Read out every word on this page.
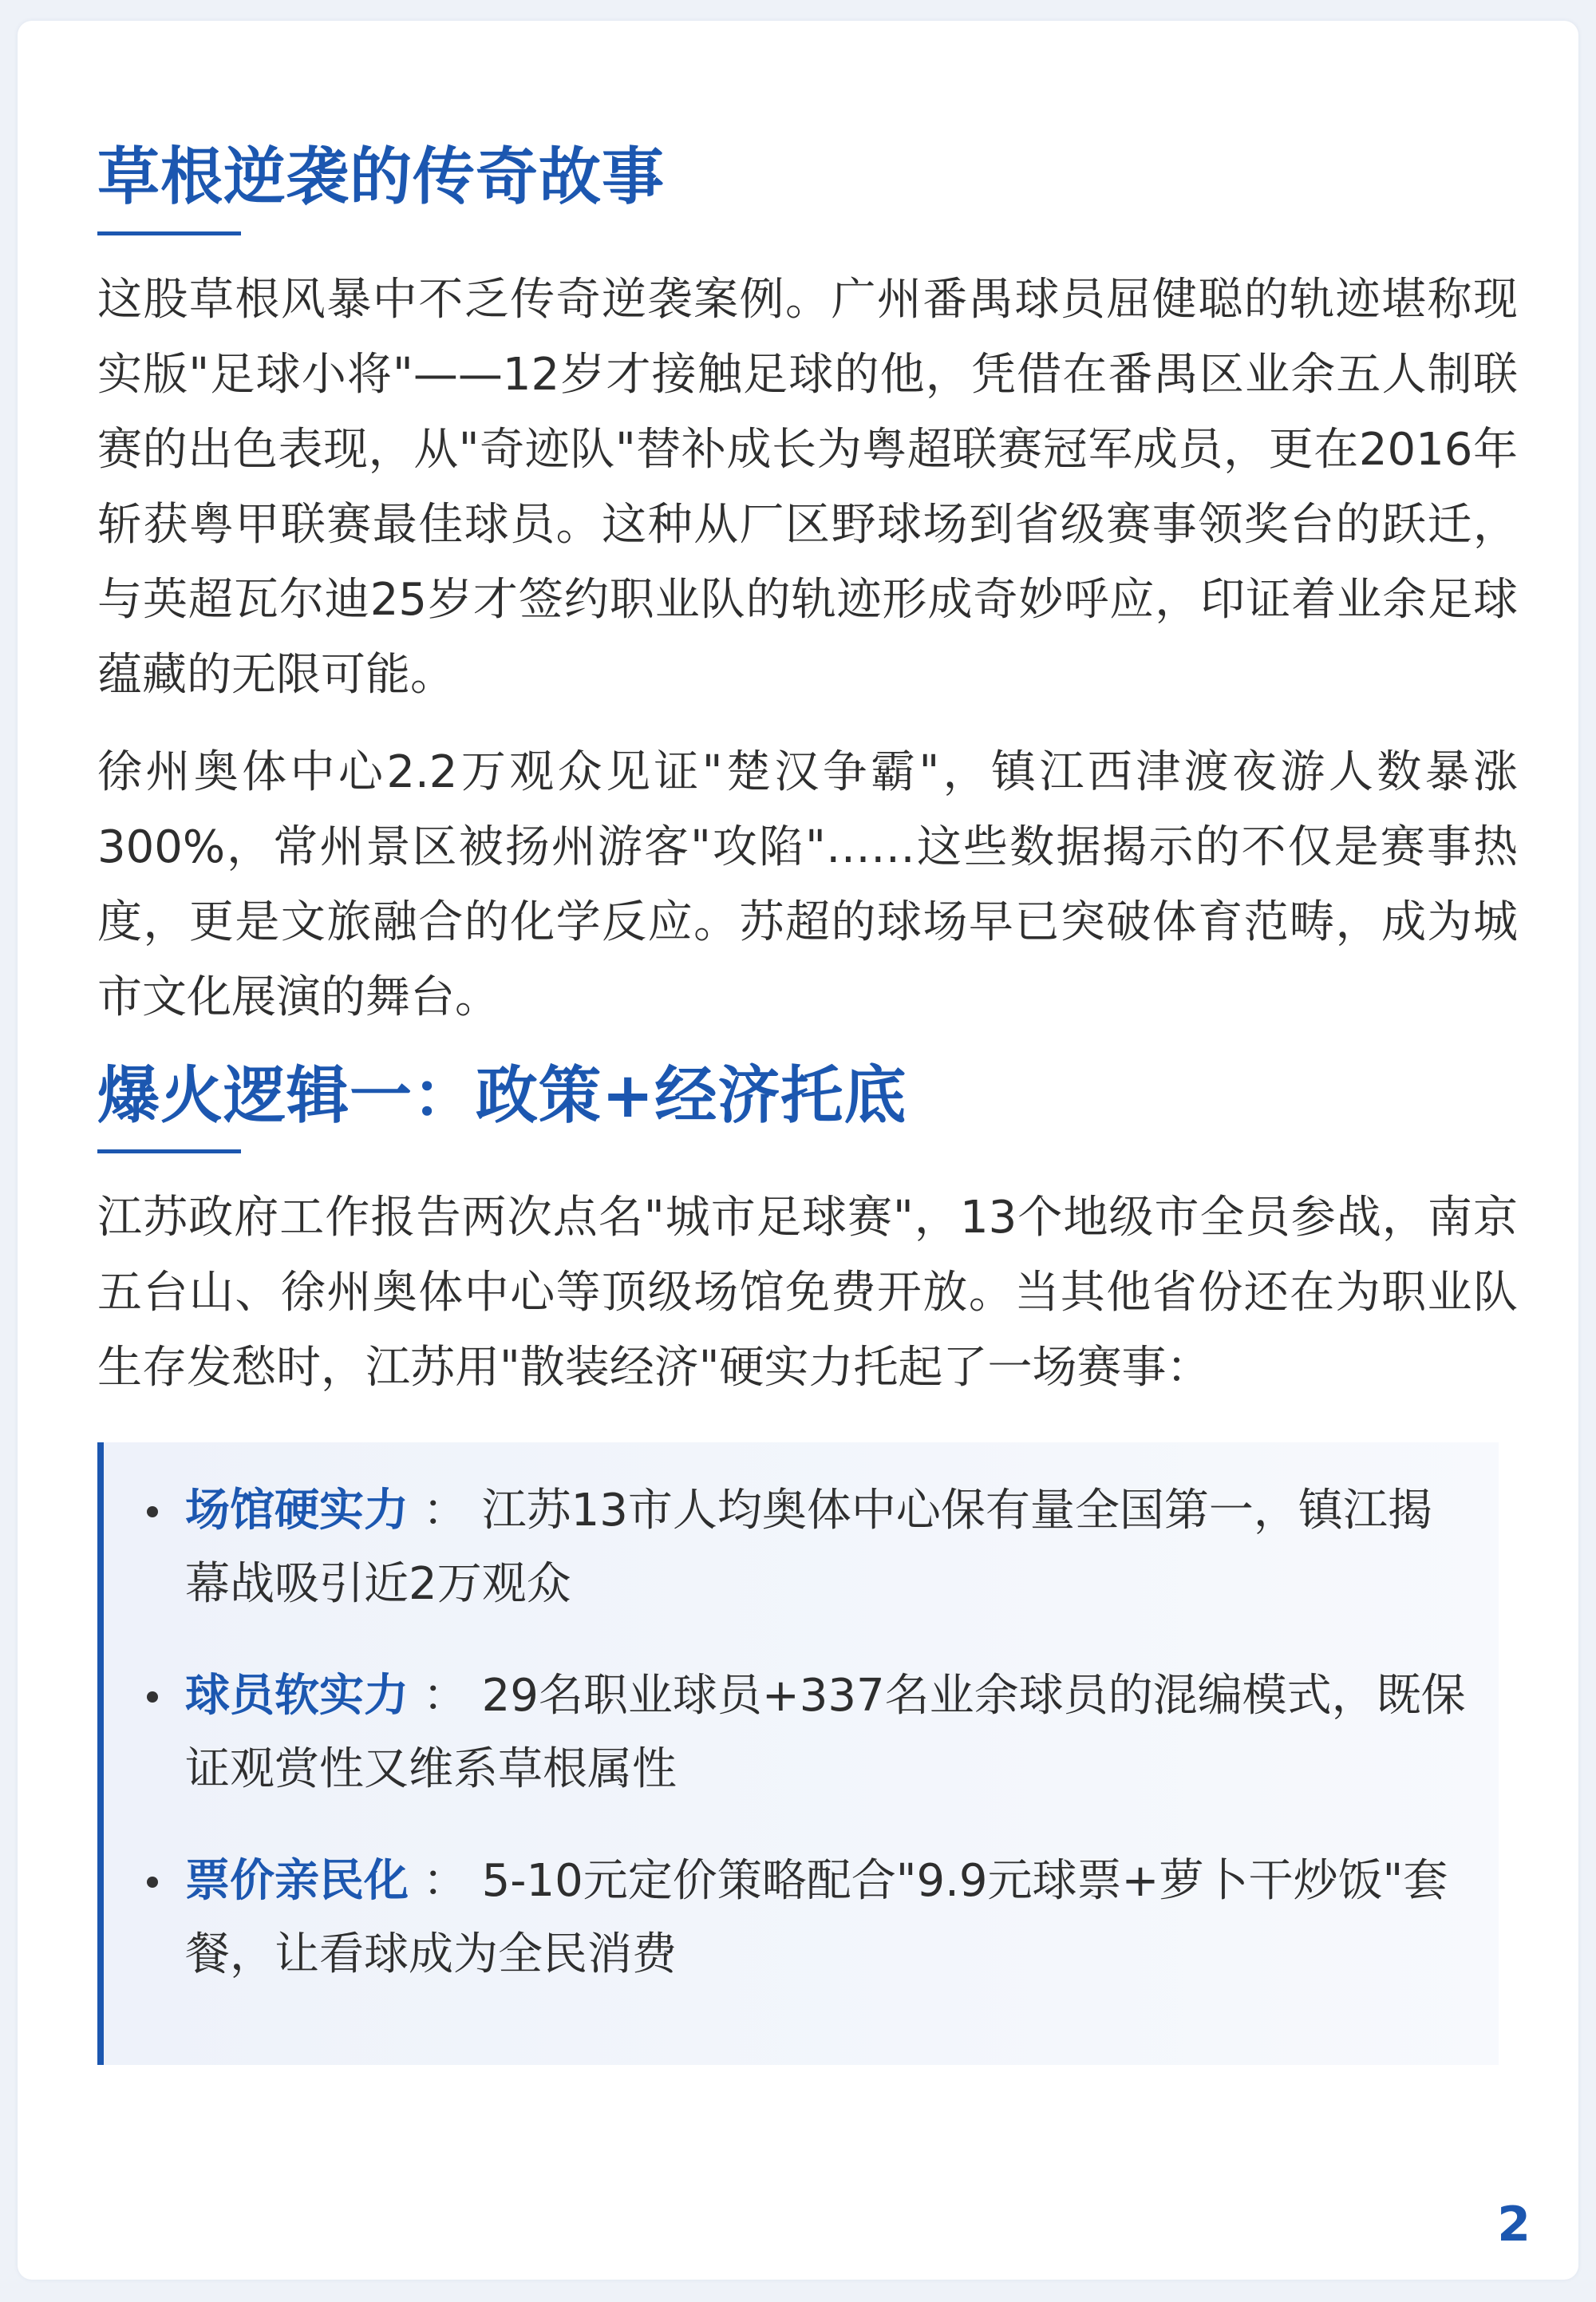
草根逆袭的传奇故事

这股草根风暴中不乏传奇逆袭案例。广州番禺球员屈健聪的轨迹堪称现实版"足球小将"——12岁才接触足球的他，凭借在番禺区业余五人制联赛的出色表现，从"奇迹队"替补成长为粤超联赛冠军成员，更在2016年斩获粤甲联赛最佳球员。这种从厂区野球场到省级赛事领奖台的跃迁，与英超瓦尔迪25岁才签约职业队的轨迹形成奇妙呼应，印证着业余足球蕴藏的无限可能。

徐州奥体中心2.2万观众见证"楚汉争霸"，镇江西津渡夜游人数暴涨300%，常州景区被扬州游客"攻陷"……这些数据揭示的不仅是赛事热度，更是文旅融合的化学反应。苏超的球场早已突破体育范畴，成为城市文化展演的舞台。

爆火逻辑一：政策+经济托底

江苏政府工作报告两次点名"城市足球赛"，13个地级市全员参战，南京五台山、徐州奥体中心等顶级场馆免费开放。当其他省份还在为职业队生存发愁时，江苏用"散装经济"硬实力托起了一场赛事：

场馆硬实力 ： 江苏13市人均奥体中心保有量全国第一，镇江揭幕战吸引近2万观众
球员软实力 ： 29名职业球员+337名业余球员的混编模式，既保证观赏性又维系草根属性
票价亲民化 ： 5-10元定价策略配合"9.9元球票+萝卜干炒饭"套餐，让看球成为全民消费
2
